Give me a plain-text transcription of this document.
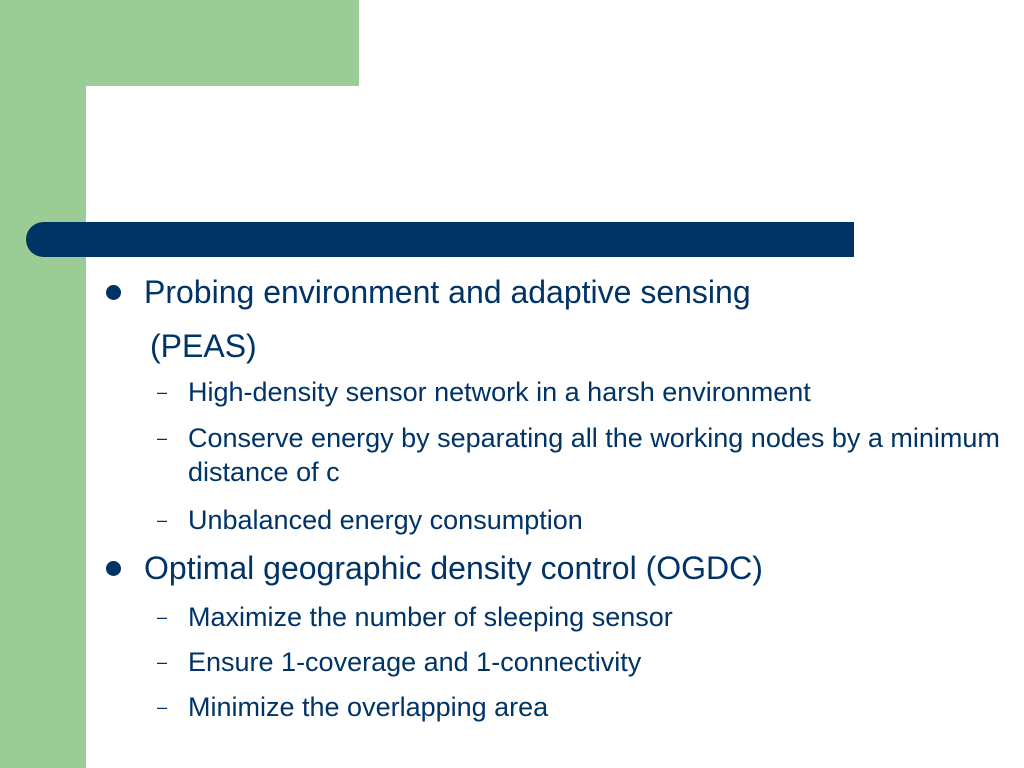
Probing environment and adaptive sensing
(PEAS)
– High-density sensor network in a harsh environment
– Conserve energy by separating all the working nodes by a minimum distance of c
– Unbalanced energy consumption
Optimal geographic density control (OGDC)
– Maximize the number of sleeping sensor
– Ensure 1-coverage and 1-connectivity
– Minimize the overlapping area
